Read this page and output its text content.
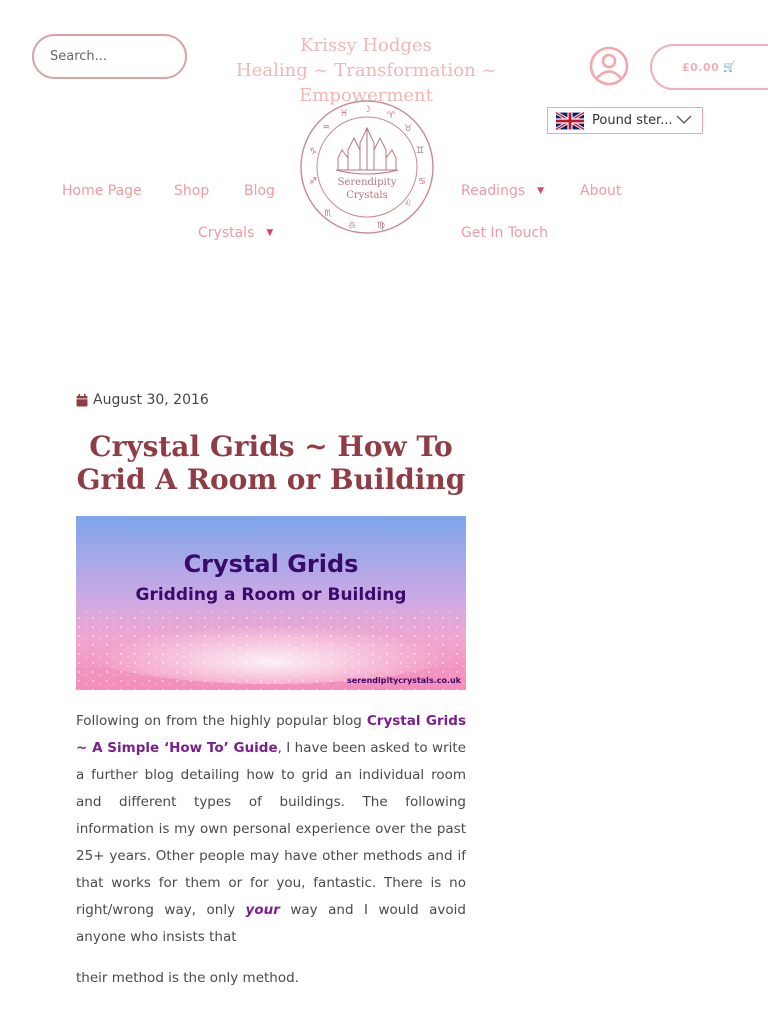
Search...
Krissy Hodges
Healing ~ Transformation ~
Empowerment
☽
♈
♉
♊
♋
♌
♍
♎
♏
♐
♑
♒
♓
Serendipity
Crystals
£0.00 🛒
Pound ster...
Home Page Shop Blog	Readings ▼	About
Crystals ▼	Get In Touch
August 30, 2016
Crystal Grids ~ How To Grid A Room or Building
Crystal Grids
Gridding a Room or Building
serendipitycrystals.co.uk

Following on from the highly popular blog Crystal Grids ~ A Simple ‘How To’ Guide, I have been asked to write a further blog detailing how to grid an individual room and different types of buildings. The following information is my own personal experience over the past 25+ years. Other people may have other methods and if that works for them or for you, fantastic. There is no right/wrong way, only your way and I would avoid anyone who insists that

their method is the only method.
